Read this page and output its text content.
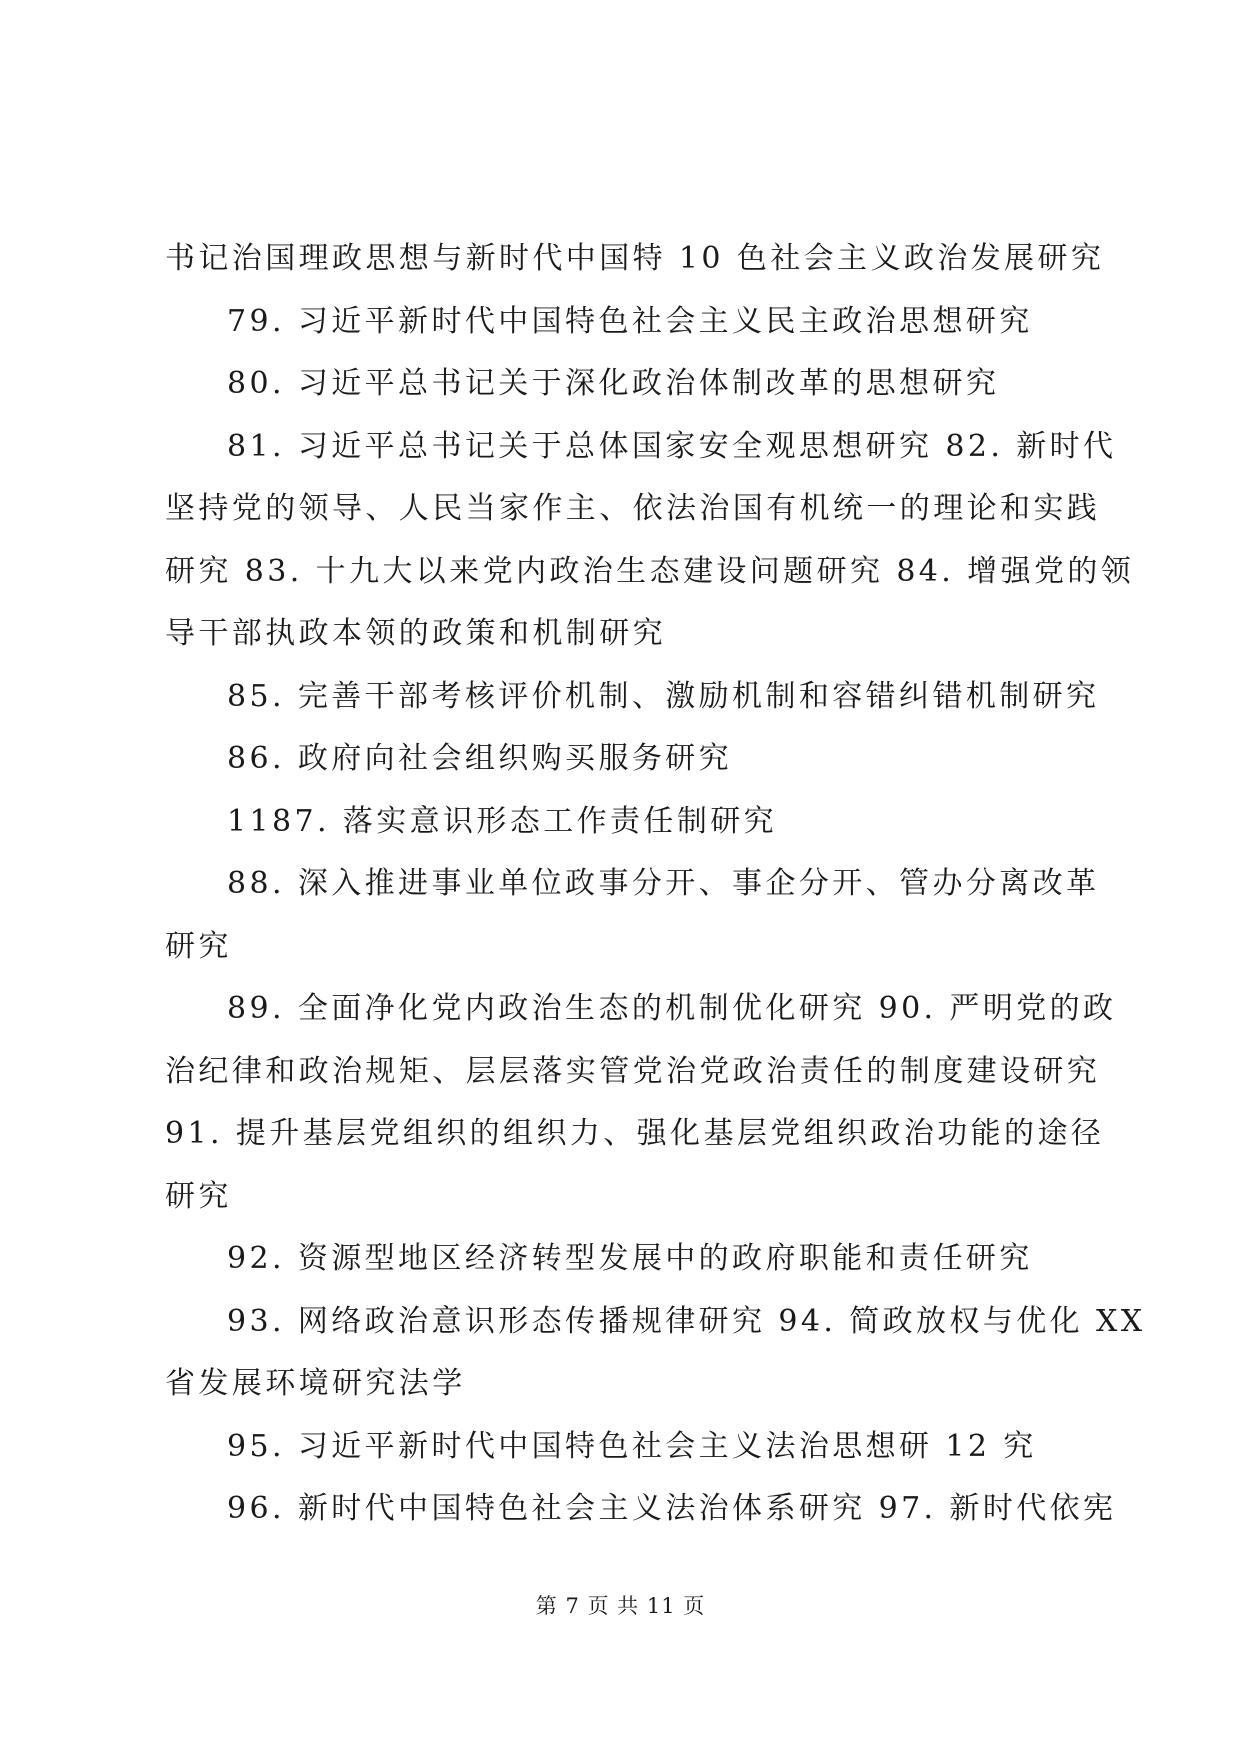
书记治国理政思想与新时代中国特 10 色社会主义政治发展研究
79. 习近平新时代中国特色社会主义民主政治思想研究
80. 习近平总书记关于深化政治体制改革的思想研究
81. 习近平总书记关于总体国家安全观思想研究 82. 新时代
坚持党的领导、人民当家作主、依法治国有机统一的理论和实践
研究 83. 十九大以来党内政治生态建设问题研究 84. 增强党的领
导干部执政本领的政策和机制研究
85. 完善干部考核评价机制、激励机制和容错纠错机制研究
86. 政府向社会组织购买服务研究
1187. 落实意识形态工作责任制研究
88. 深入推进事业单位政事分开、事企分开、管办分离改革
研究
89. 全面净化党内政治生态的机制优化研究 90. 严明党的政
治纪律和政治规矩、层层落实管党治党政治责任的制度建设研究
91. 提升基层党组织的组织力、强化基层党组织政治功能的途径
研究
92. 资源型地区经济转型发展中的政府职能和责任研究
93. 网络政治意识形态传播规律研究 94. 简政放权与优化 XX
省发展环境研究法学
95. 习近平新时代中国特色社会主义法治思想研 12 究
96. 新时代中国特色社会主义法治体系研究 97. 新时代依宪
第 7 页 共 11 页
